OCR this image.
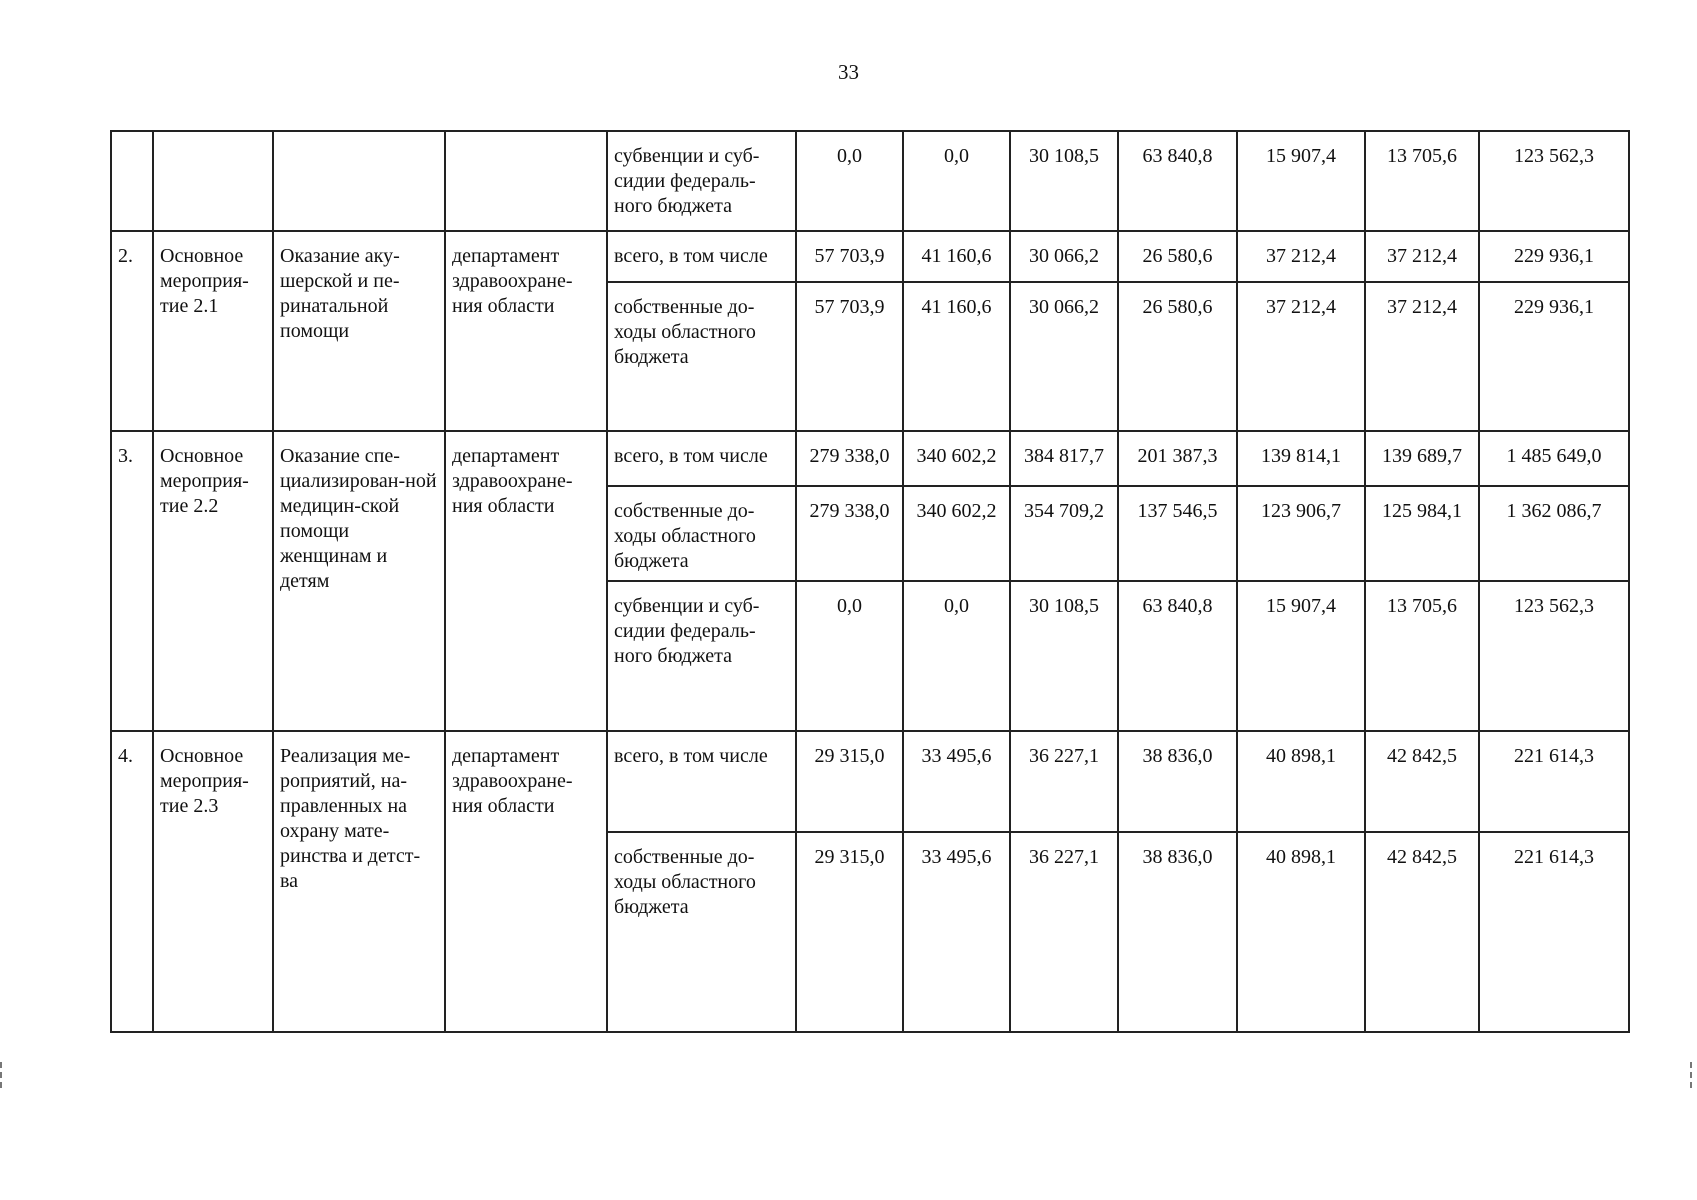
33
				субвенции и суб-сидии федераль-ного бюджета	0,0	0,0	30 108,5	63 840,8	15 907,4	13 705,6	123 562,3
2.	Основное мероприя-тие 2.1	Оказание аку-шерской и пе-ринатальной помощи	департамент здравоохране-ния области	всего, в том числе	57 703,9	41 160,6	30 066,2	26 580,6	37 212,4	37 212,4	229 936,1
				собственные до-ходы областного бюджета	57 703,9	41 160,6	30 066,2	26 580,6	37 212,4	37 212,4	229 936,1
3.	Основное мероприя-тие 2.2	Оказание спе-циализирован-ной медицин-ской помощи женщинам и детям	департамент здравоохране-ния области	всего, в том числе	279 338,0	340 602,2	384 817,7	201 387,3	139 814,1	139 689,7	1 485 649,0
				собственные до-ходы областного бюджета	279 338,0	340 602,2	354 709,2	137 546,5	123 906,7	125 984,1	1 362 086,7
				субвенции и суб-сидии федераль-ного бюджета	0,0	0,0	30 108,5	63 840,8	15 907,4	13 705,6	123 562,3
4.	Основное мероприя-тие 2.3	Реализация ме-роприятий, на-правленных на охрану мате-ринства и детст-ва	департамент здравоохране-ния области	всего, в том числе	29 315,0	33 495,6	36 227,1	38 836,0	40 898,1	42 842,5	221 614,3
				собственные до-ходы областного бюджета	29 315,0	33 495,6	36 227,1	38 836,0	40 898,1	42 842,5	221 614,3
